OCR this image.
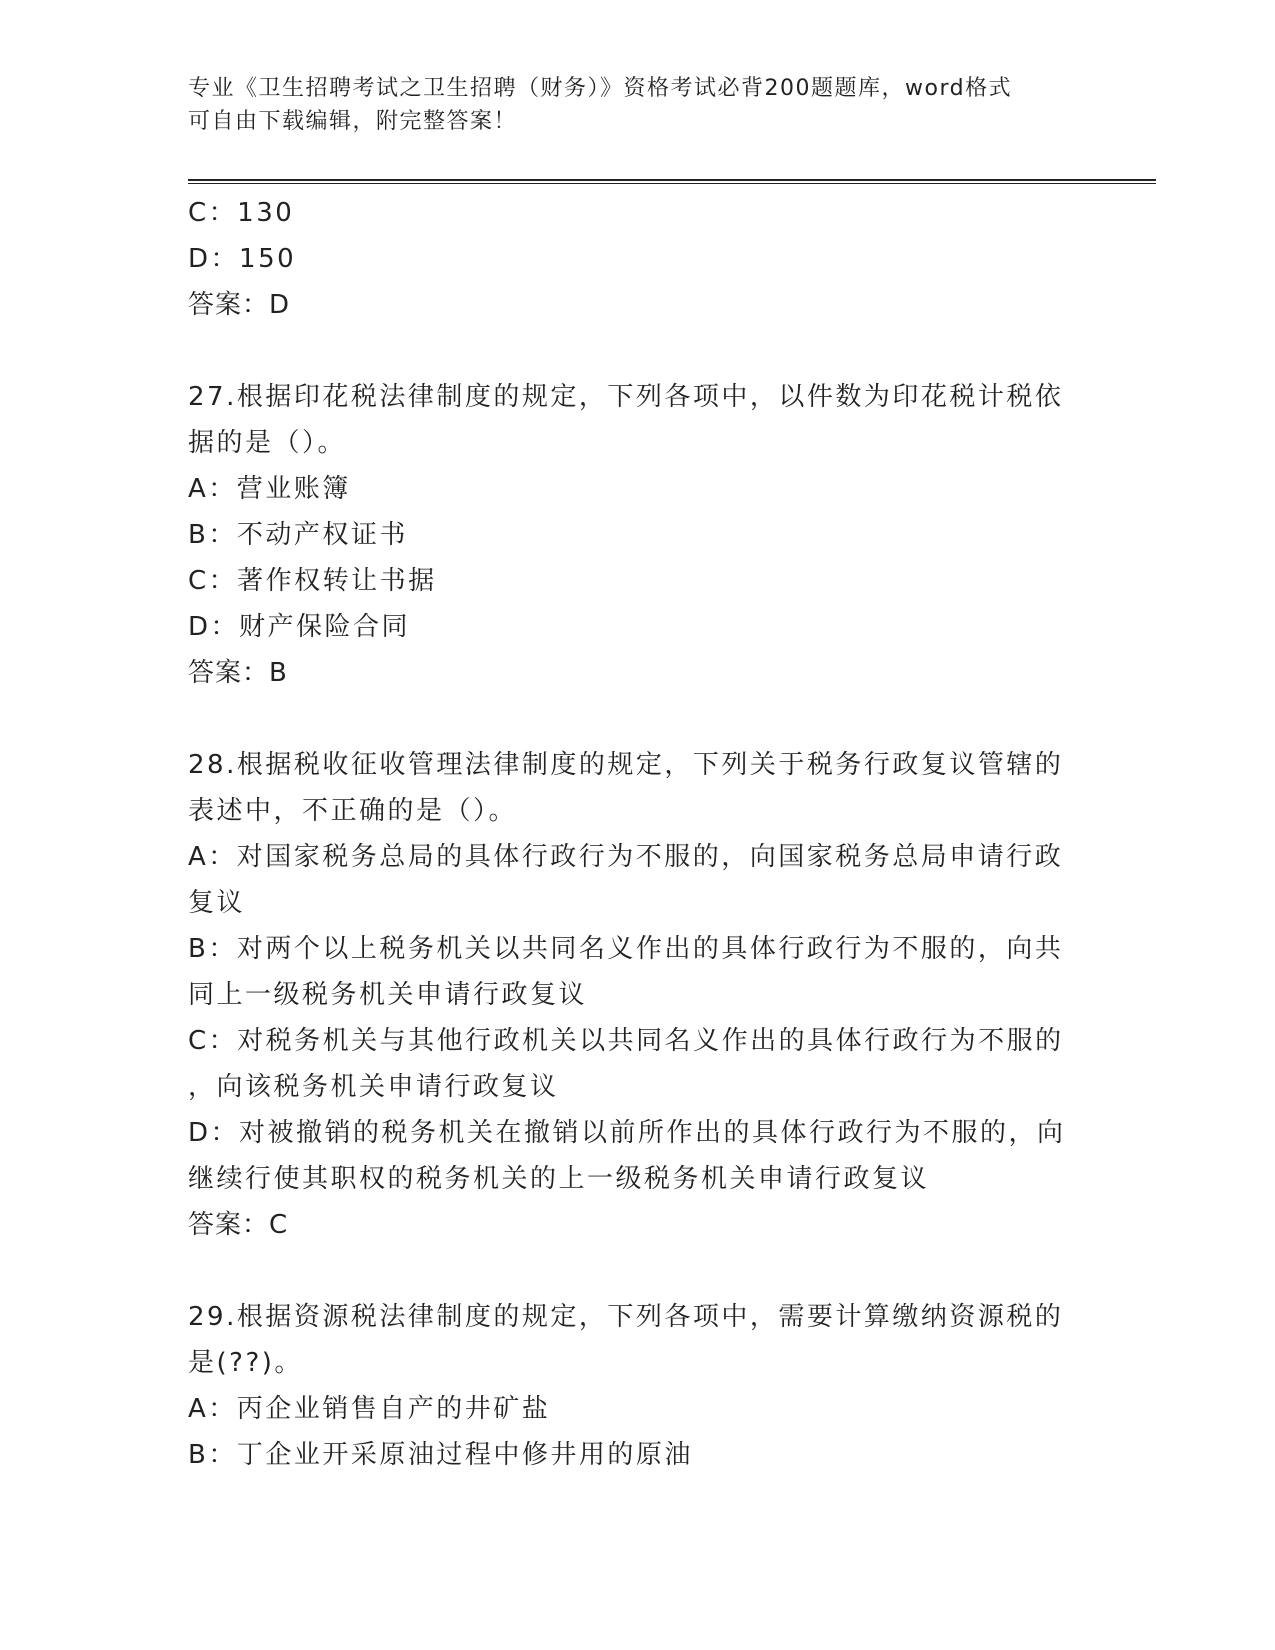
专业《卫生招聘考试之卫生招聘（财务）》资格考试必背200题题库，word格式
可自由下载编辑，附完整答案！
C：130
D：150
答案：D
27.根据印花税法律制度的规定，下列各项中，以件数为印花税计税依
据的是（）。
A：营业账簿
B：不动产权证书
C：著作权转让书据
D：财产保险合同
答案：B
28.根据税收征收管理法律制度的规定，下列关于税务行政复议管辖的
表述中，不正确的是（）。
A：对国家税务总局的具体行政行为不服的，向国家税务总局申请行政
复议
B：对两个以上税务机关以共同名义作出的具体行政行为不服的，向共
同上一级税务机关申请行政复议
C：对税务机关与其他行政机关以共同名义作出的具体行政行为不服的
，向该税务机关申请行政复议
D：对被撤销的税务机关在撤销以前所作出的具体行政行为不服的，向
继续行使其职权的税务机关的上一级税务机关申请行政复议
答案：C
29.根据资源税法律制度的规定，下列各项中，需要计算缴纳资源税的
是(??)。
A：丙企业销售自产的井矿盐
B：丁企业开采原油过程中修井用的原油
